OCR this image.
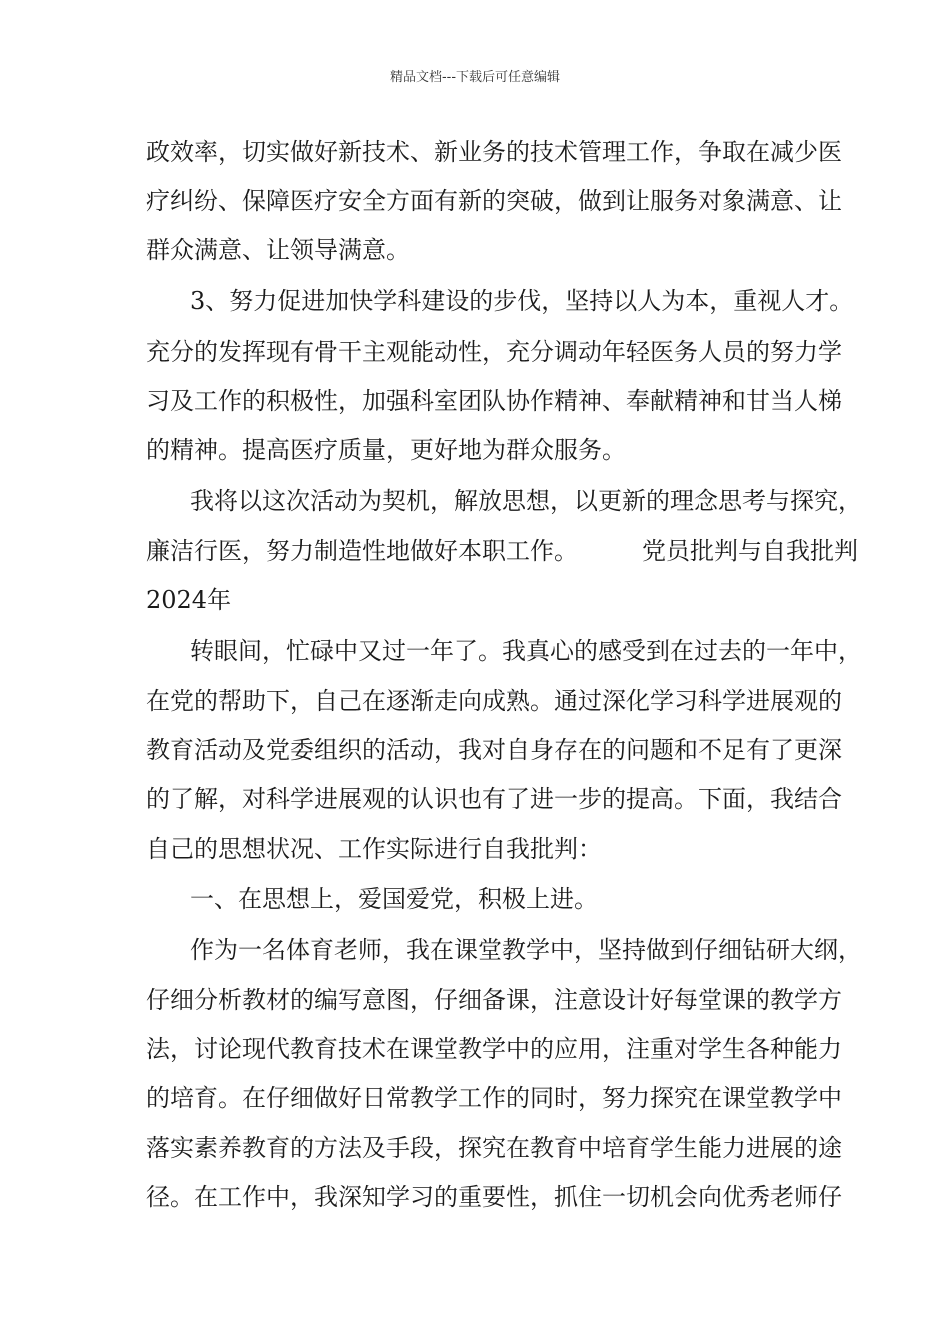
精品文档---下载后可任意编辑
政效率，切实做好新技术、新业务的技术管理工作，争取在减少医
疗纠纷、保障医疗安全方面有新的突破，做到让服务对象满意、让
群众满意、让领导满意。
3、努力促进加快学科建设的步伐，坚持以人为本，重视人才。
充分的发挥现有骨干主观能动性，充分调动年轻医务人员的努力学
习及工作的积极性，加强科室团队协作精神、奉献精神和甘当人梯
的精神。提高医疗质量，更好地为群众服务。
我将以这次活动为契机，解放思想，以更新的理念思考与探究，
廉洁行医，努力制造性地做好本职工作。	党员批判与自我批判
2024年
转眼间，忙碌中又过一年了。我真心的感受到在过去的一年中，
在党的帮助下，自己在逐渐走向成熟。通过深化学习科学进展观的
教育活动及党委组织的活动，我对自身存在的问题和不足有了更深
的了解，对科学进展观的认识也有了进一步的提高。下面，我结合
自己的思想状况、工作实际进行自我批判：
一、在思想上，爱国爱党，积极上进。
作为一名体育老师，我在课堂教学中，坚持做到仔细钻研大纲，
仔细分析教材的编写意图，仔细备课，注意设计好每堂课的教学方
法，讨论现代教育技术在课堂教学中的应用，注重对学生各种能力
的培育。在仔细做好日常教学工作的同时，努力探究在课堂教学中
落实素养教育的方法及手段，探究在教育中培育学生能力进展的途
径。在工作中，我深知学习的重要性，抓住一切机会向优秀老师仔
